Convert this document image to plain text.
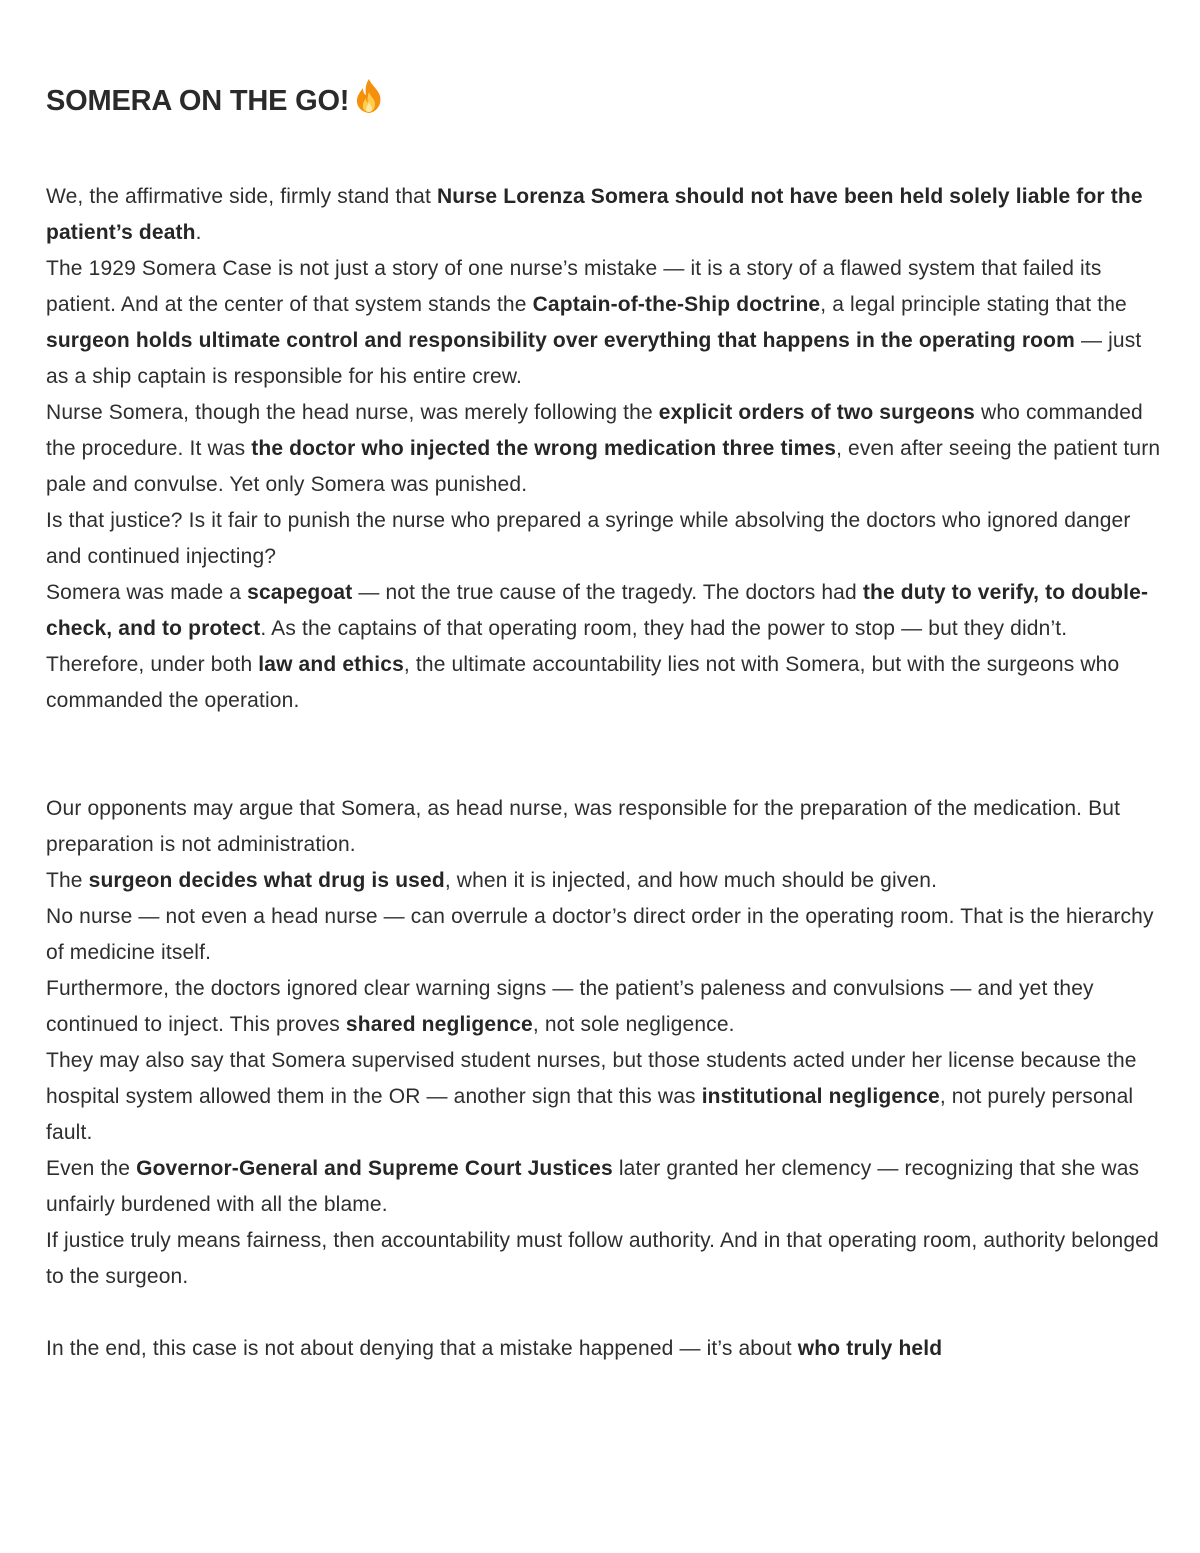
SOMERA ON THE GO!

We, the affirmative side, firmly stand that Nurse Lorenza Somera should not have been held solely liable for the patient’s death.

The 1929 Somera Case is not just a story of one nurse’s mistake — it is a story of a flawed system that failed its patient. And at the center of that system stands the Captain-of-the-Ship doctrine, a legal principle stating that the surgeon holds ultimate control and responsibility over everything that happens in the operating room — just as a ship captain is responsible for his entire crew.

Nurse Somera, though the head nurse, was merely following the explicit orders of two surgeons who commanded the procedure. It was the doctor who injected the wrong medication three times, even after seeing the patient turn pale and convulse. Yet only Somera was punished.

Is that justice? Is it fair to punish the nurse who prepared a syringe while absolving the doctors who ignored danger and continued injecting?

Somera was made a scapegoat — not the true cause of the tragedy. The doctors had the duty to verify, to double-check, and to protect. As the captains of that operating room, they had the power to stop — but they didn’t.

Therefore, under both law and ethics, the ultimate accountability lies not with Somera, but with the surgeons who commanded the operation.

Our opponents may argue that Somera, as head nurse, was responsible for the preparation of the medication. But preparation is not administration.

The surgeon decides what drug is used, when it is injected, and how much should be given.

No nurse — not even a head nurse — can overrule a doctor’s direct order in the operating room. That is the hierarchy of medicine itself.

Furthermore, the doctors ignored clear warning signs — the patient’s paleness and convulsions — and yet they continued to inject. This proves shared negligence, not sole negligence.

They may also say that Somera supervised student nurses, but those students acted under her license because the hospital system allowed them in the OR — another sign that this was institutional negligence, not purely personal fault.

Even the Governor-General and Supreme Court Justices later granted her clemency — recognizing that she was unfairly burdened with all the blame.

If justice truly means fairness, then accountability must follow authority. And in that operating room, authority belonged to the surgeon.

In the end, this case is not about denying that a mistake happened — it’s about who truly held
